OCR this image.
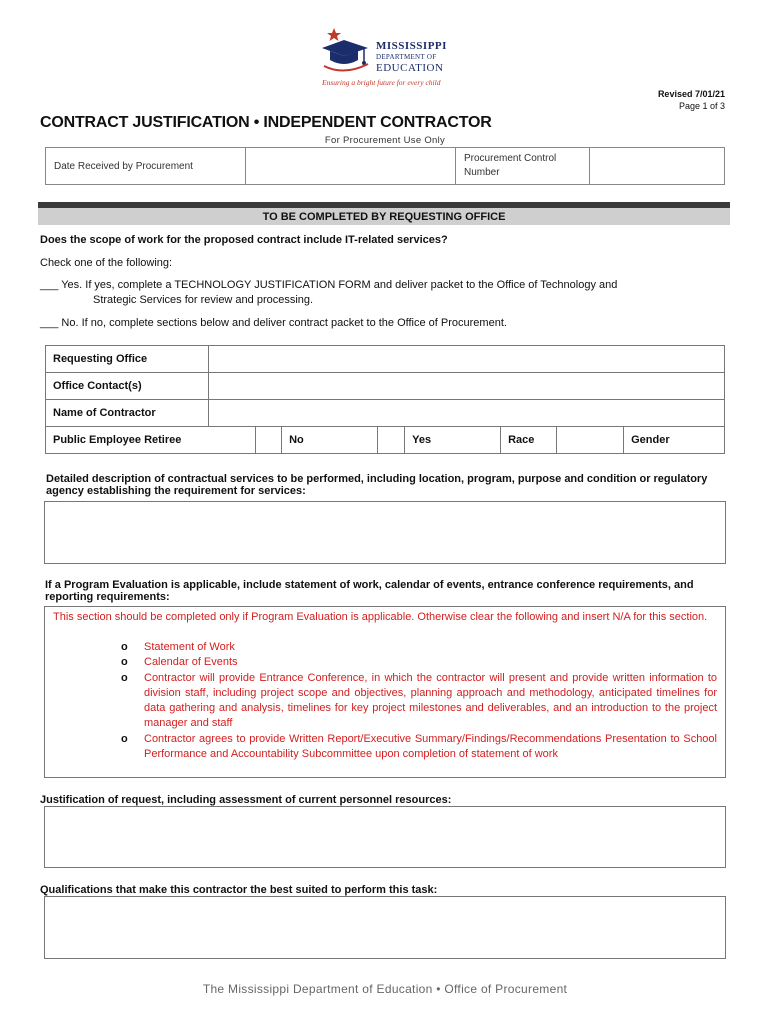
MISSISSIPPI
DEPARTMENT OF
EDUCATION
Ensuring a bright future for every child
Revised 7/01/21
Page 1 of 3
CONTRACT JUSTIFICATION • INDEPENDENT CONTRACTOR
For Procurement Use Only
Date Received by Procurement		Procurement Control Number	
TO BE COMPLETED BY REQUESTING OFFICE
Does the scope of work for the proposed contract include IT-related services?
Check one of the following:
___ Yes. If yes, complete a TECHNOLOGY JUSTIFICATION FORM and deliver packet to the Office of Technology and
Strategic Services for review and processing.
___ No. If no, complete sections below and deliver contract packet to the Office of Procurement.
Requesting Office								
Office Contact(s)								
Name of Contractor								
Public Employee Retiree			No		Yes	Race		Gender
Detailed description of contractual services to be performed, including location, program, purpose and condition or regulatory agency establishing the requirement for services:
If a Program Evaluation is applicable, include statement of work, calendar of events, entrance conference requirements, and reporting requirements:
This section should be completed only if Program Evaluation is applicable. Otherwise clear the following and insert N/A for this section.
o Statement of Work
o Calendar of Events
o Contractor will provide Entrance Conference, in which the contractor will present and provide written information to division staff, including project scope and objectives, planning approach and methodology, anticipated timelines for data gathering and analysis, timelines for key project milestones and deliverables, and an introduction to the project manager and staff
o Contractor agrees to provide Written Report/Executive Summary/Findings/Recommendations Presentation to School Performance and Accountability Subcommittee upon completion of statement of work
Justification of request, including assessment of current personnel resources:
Qualifications that make this contractor the best suited to perform this task:
The Mississippi Department of Education • Office of Procurement
